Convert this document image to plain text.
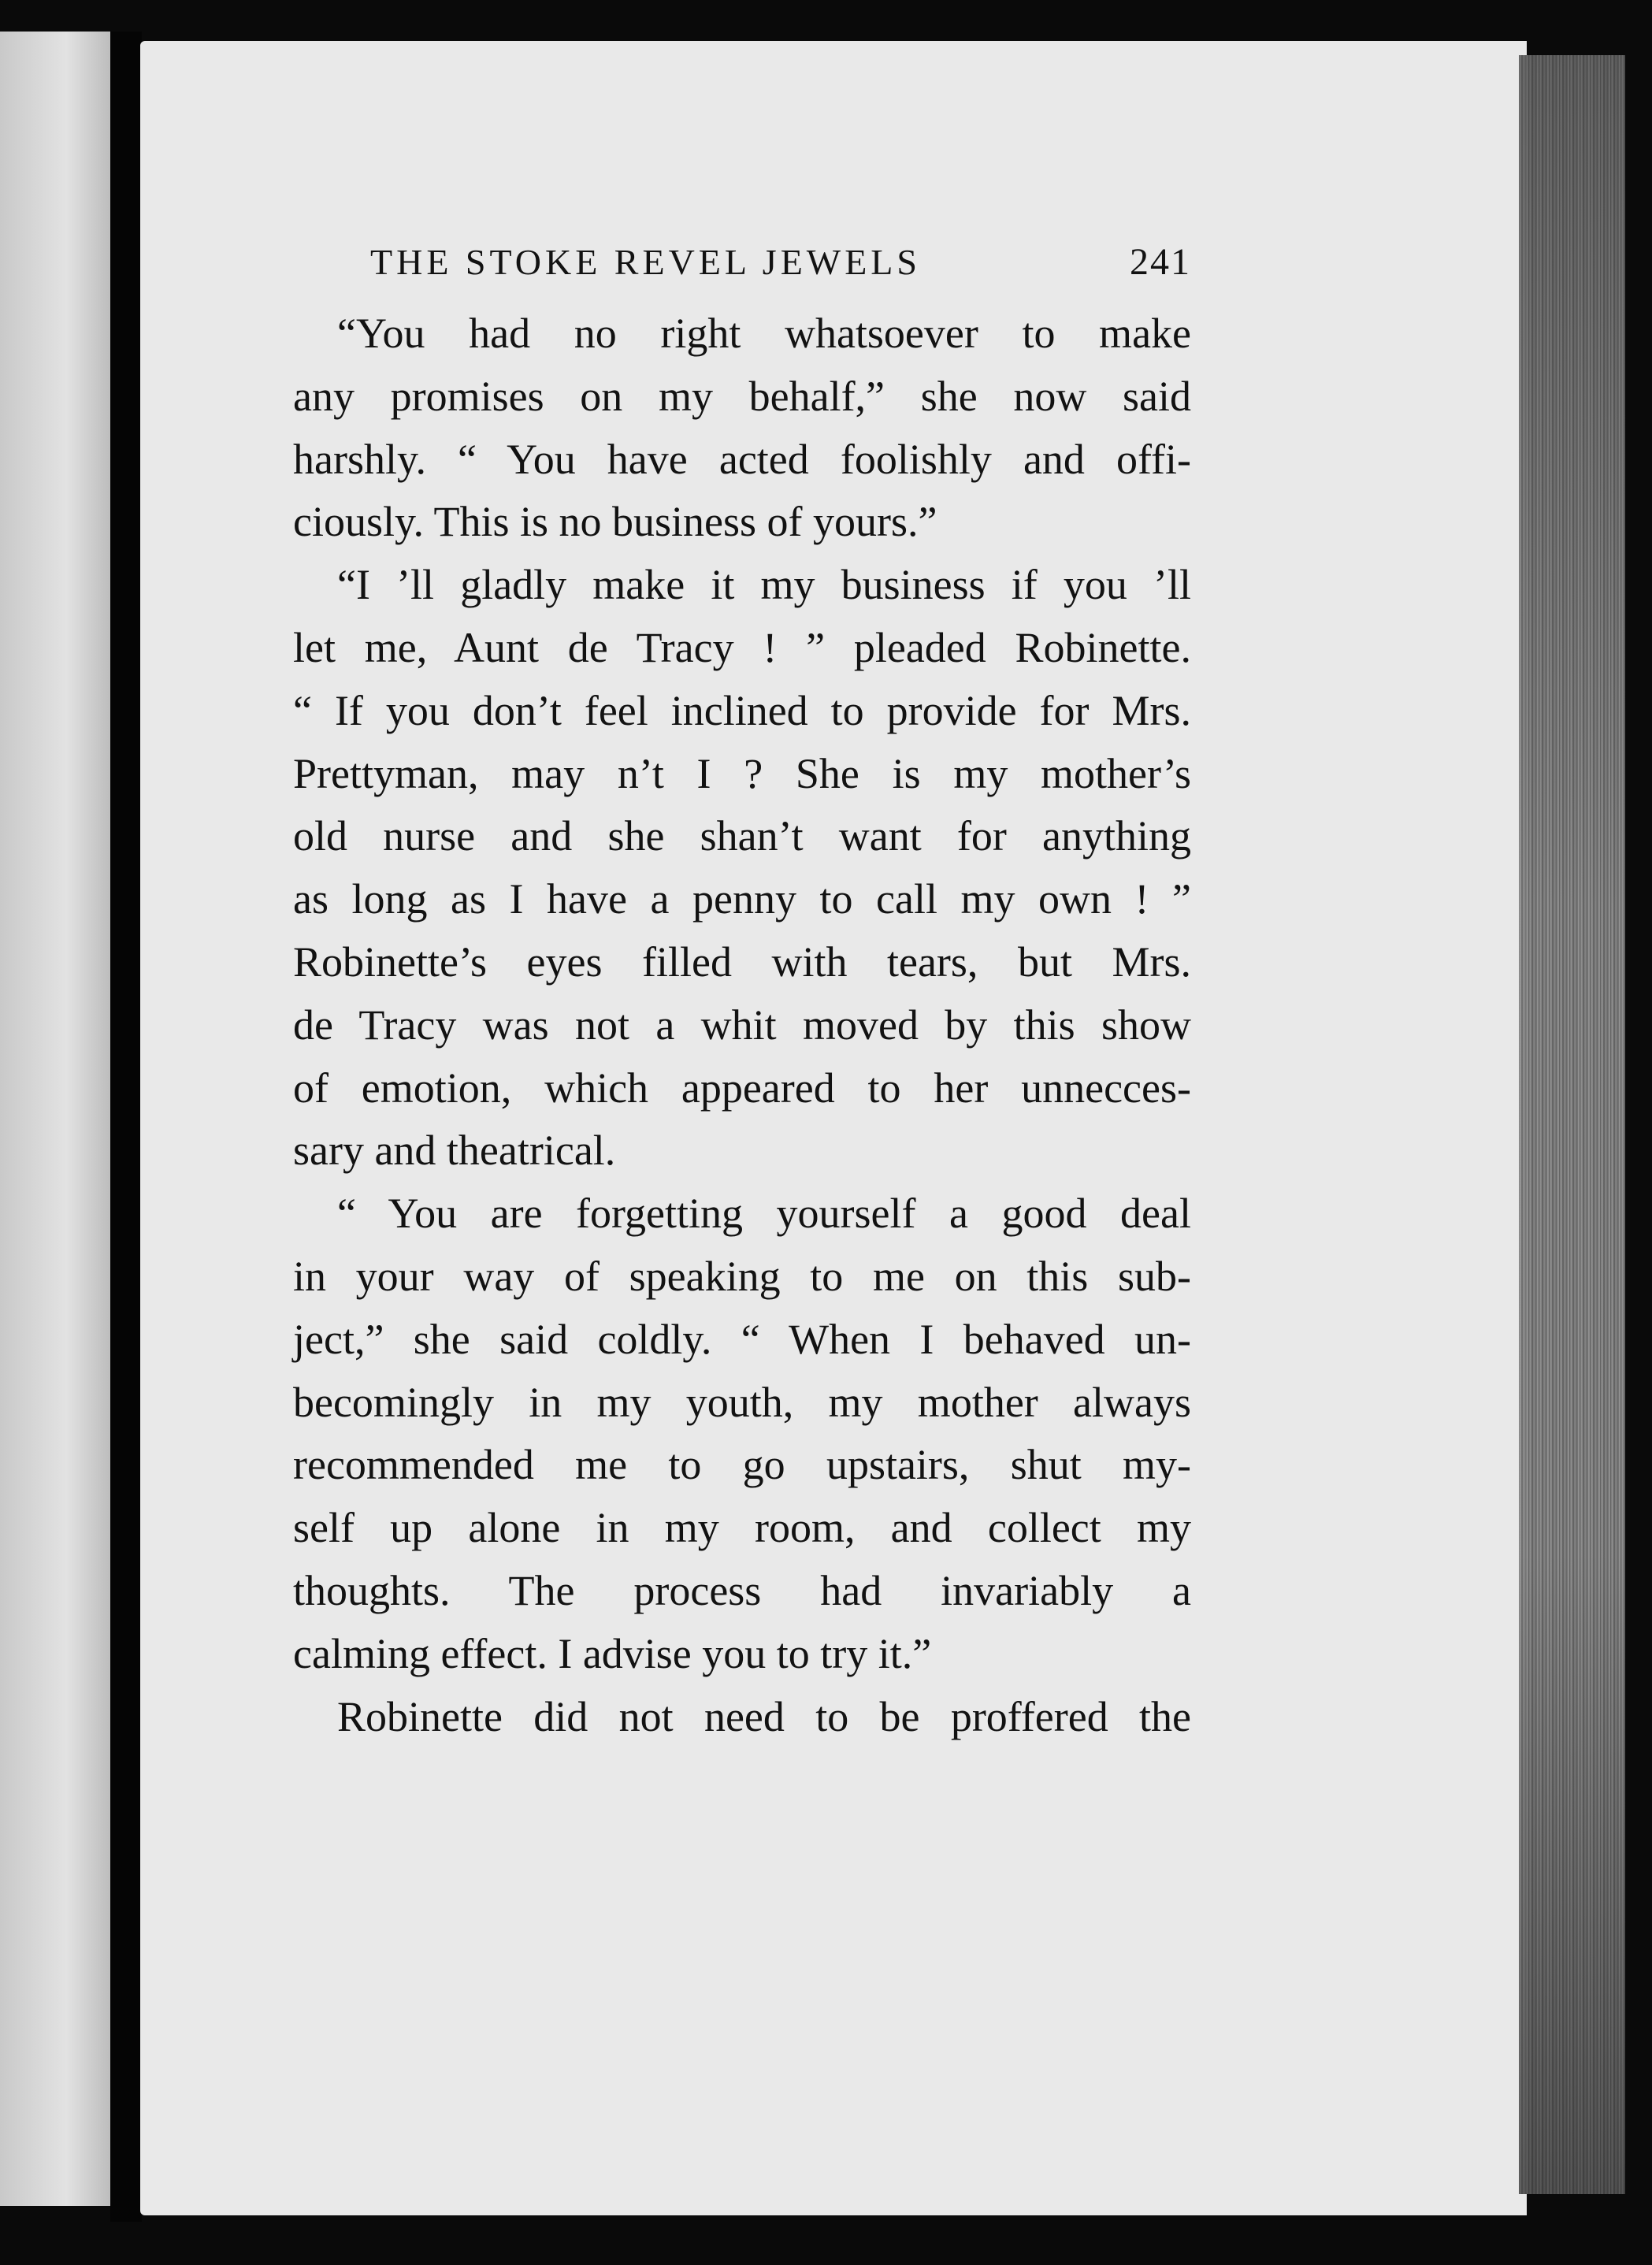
THE STOKE REVEL JEWELS	241
“You had no right whatsoever to make
any promises on my behalf,” she now said
harshly. “ You have acted foolishly and offi-
ciously. This is no business of yours.”
“I ’ll gladly make it my business if you ’ll
let me, Aunt de Tracy ! ” pleaded Robinette.
“ If you don’t feel inclined to provide for Mrs.
Prettyman, may n’t I ? She is my mother’s
old nurse and she shan’t want for anything
as long as I have a penny to call my own ! ”
Robinette’s eyes filled with tears, but Mrs.
de Tracy was not a whit moved by this show
of emotion, which appeared to her unnecces-
sary and theatrical.
“ You are forgetting yourself a good deal
in your way of speaking to me on this sub-
ject,” she said coldly. “ When I behaved un-
becomingly in my youth, my mother always
recommended me to go upstairs, shut my-
self up alone in my room, and collect my
thoughts. The process had invariably a
calming effect. I advise you to try it.”
Robinette did not need to be proffered the
